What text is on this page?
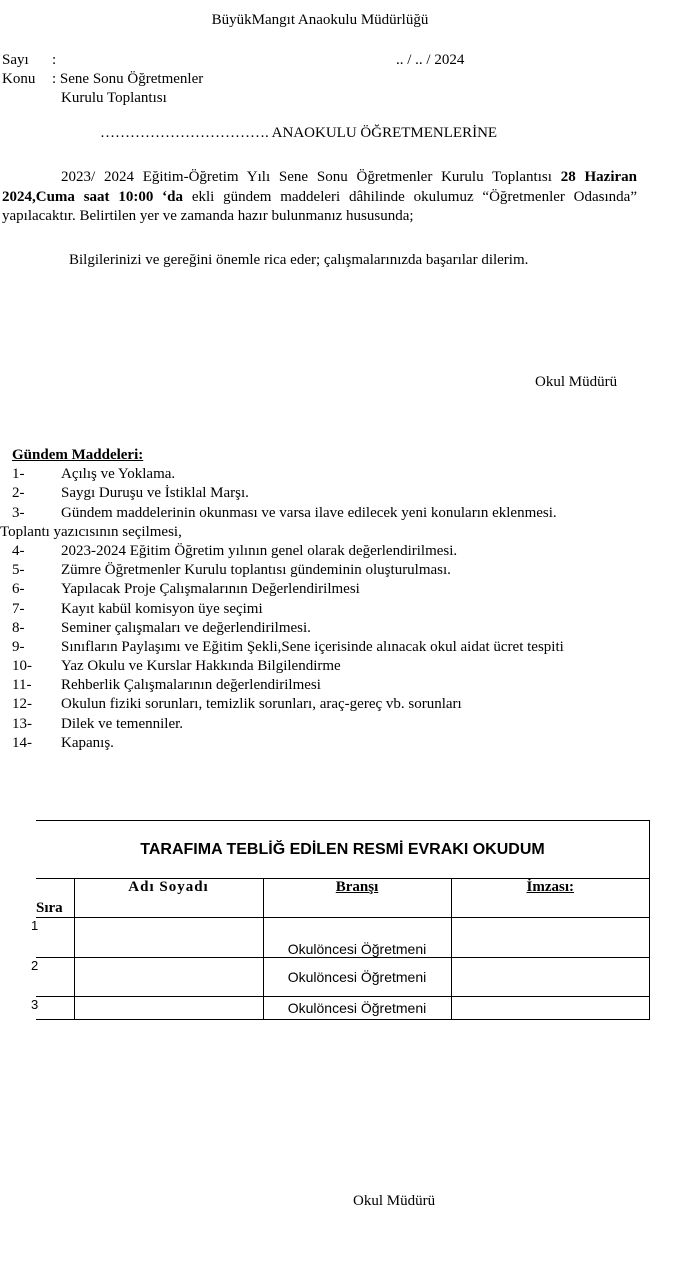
BüyükMangıt Anaokulu Müdürlüğü
Sayı :	.. / .. / 2024
Konu : Sene Sonu Öğretmenler
Kurulu Toplantısı
……………………………. ANAOKULU ÖĞRETMENLERİNE
2023/ 2024 Eğitim-Öğretim Yılı Sene Sonu Öğretmenler Kurulu Toplantısı 28 Haziran 2024,Cuma saat 10:00 ‘da ekli gündem maddeleri dâhilinde okulumuz “Öğretmenler Odasında” yapılacaktır. Belirtilen yer ve zamanda hazır bulunmanız hususunda;
Bilgilerinizi ve gereğini önemle rica eder; çalışmalarınızda başarılar dilerim.
Okul Müdürü
Gündem Maddeleri:
1- Açılış ve Yoklama.
2- Saygı Duruşu ve İstiklal Marşı.
3- Gündem maddelerinin okunması ve varsa ilave edilecek yeni konuların eklenmesi.
Toplantı yazıcısının seçilmesi,
4- 2023-2024 Eğitim Öğretim yılının genel olarak değerlendirilmesi.
5- Zümre Öğretmenler Kurulu toplantısı gündeminin oluşturulması.
6- Yapılacak Proje Çalışmalarının Değerlendirilmesi
7- Kayıt kabül komisyon üye seçimi
8- Seminer çalışmaları ve değerlendirilmesi.
9- Sınıfların Paylaşımı ve Eğitim Şekli,Sene içerisinde alınacak okul aidat ücret tespiti
10- Yaz Okulu ve Kurslar Hakkında Bilgilendirme
11- Rehberlik Çalışmalarının değerlendirilmesi
12- Okulun fiziki sorunları, temizlik sorunları, araç-gereç vb. sorunları
13- Dilek ve temenniler.
14- Kapanış.
TARAFIMA TEBLİĞ EDİLEN RESMİ EVRAKI OKUDUM			
Sıra	Adı Soyadı	Branşı	İmzası:
1		Okulöncesi Öğretmeni	
2		Okulöncesi Öğretmeni	
3		Okulöncesi Öğretmeni	
Okul Müdürü
